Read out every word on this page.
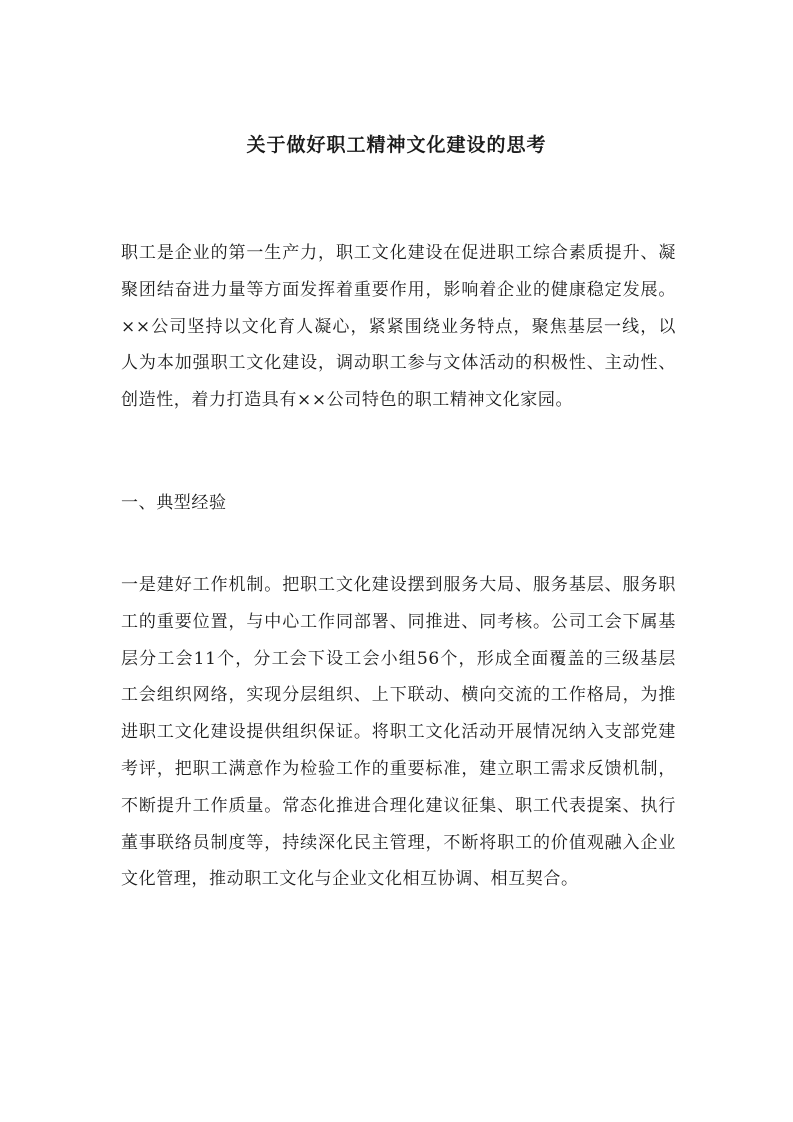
关于做好职工精神文化建设的思考

职工是企业的第一生产力，职工文化建设在促进职工综合素质提升、凝聚团结奋进力量等方面发挥着重要作用，影响着企业的健康稳定发展。××公司坚持以文化育人凝心，紧紧围绕业务特点，聚焦基层一线，以人为本加强职工文化建设，调动职工参与文体活动的积极性、主动性、创造性，着力打造具有××公司特色的职工精神文化家园。

一、典型经验

一是建好工作机制。把职工文化建设摆到服务大局、服务基层、服务职工的重要位置，与中心工作同部署、同推进、同考核。公司工会下属基层分工会11个，分工会下设工会小组56个，形成全面覆盖的三级基层工会组织网络，实现分层组织、上下联动、横向交流的工作格局，为推进职工文化建设提供组织保证。将职工文化活动开展情况纳入支部党建考评，把职工满意作为检验工作的重要标准，建立职工需求反馈机制，不断提升工作质量。常态化推进合理化建议征集、职工代表提案、执行董事联络员制度等，持续深化民主管理，不断将职工的价值观融入企业文化管理，推动职工文化与企业文化相互协调、相互契合。
